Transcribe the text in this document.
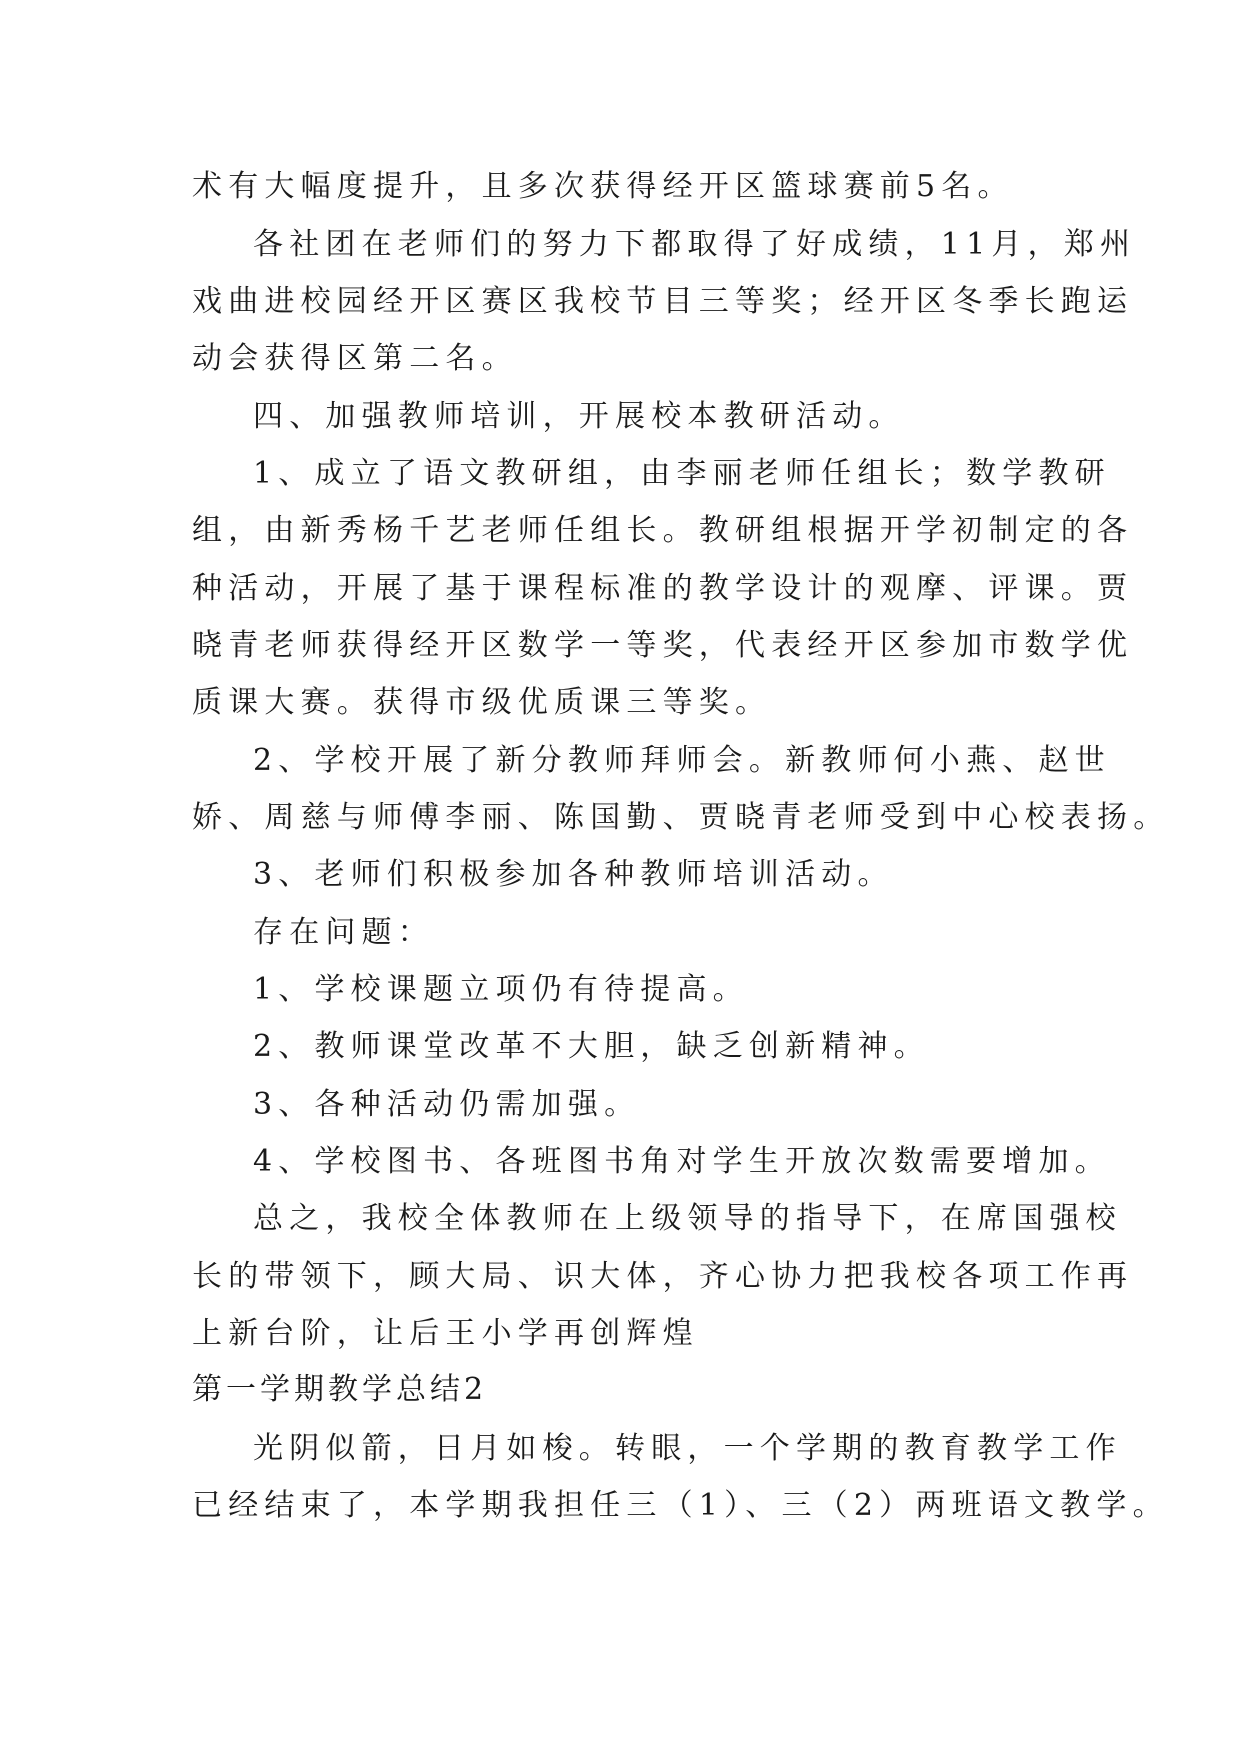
术有大幅度提升，且多次获得经开区篮球赛前5名。
各社团在老师们的努力下都取得了好成绩，11月，郑州
戏曲进校园经开区赛区我校节目三等奖；经开区冬季长跑运
动会获得区第二名。
四、加强教师培训，开展校本教研活动。
1、成立了语文教研组，由李丽老师任组长；数学教研
组，由新秀杨千艺老师任组长。教研组根据开学初制定的各
种活动，开展了基于课程标准的教学设计的观摩、评课。贾
晓青老师获得经开区数学一等奖，代表经开区参加市数学优
质课大赛。获得市级优质课三等奖。
2、学校开展了新分教师拜师会。新教师何小燕、赵世
娇、周慈与师傅李丽、陈国勤、贾晓青老师受到中心校表扬。
3、老师们积极参加各种教师培训活动。
存在问题：
1、学校课题立项仍有待提高。
2、教师课堂改革不大胆，缺乏创新精神。
3、各种活动仍需加强。
4、学校图书、各班图书角对学生开放次数需要增加。
总之，我校全体教师在上级领导的指导下，在席国强校
长的带领下，顾大局、识大体，齐心协力把我校各项工作再
上新台阶，让后王小学再创辉煌
第一学期教学总结2
光阴似箭，日月如梭。转眼，一个学期的教育教学工作
已经结束了，本学期我担任三（1）、三（2）两班语文教学。
